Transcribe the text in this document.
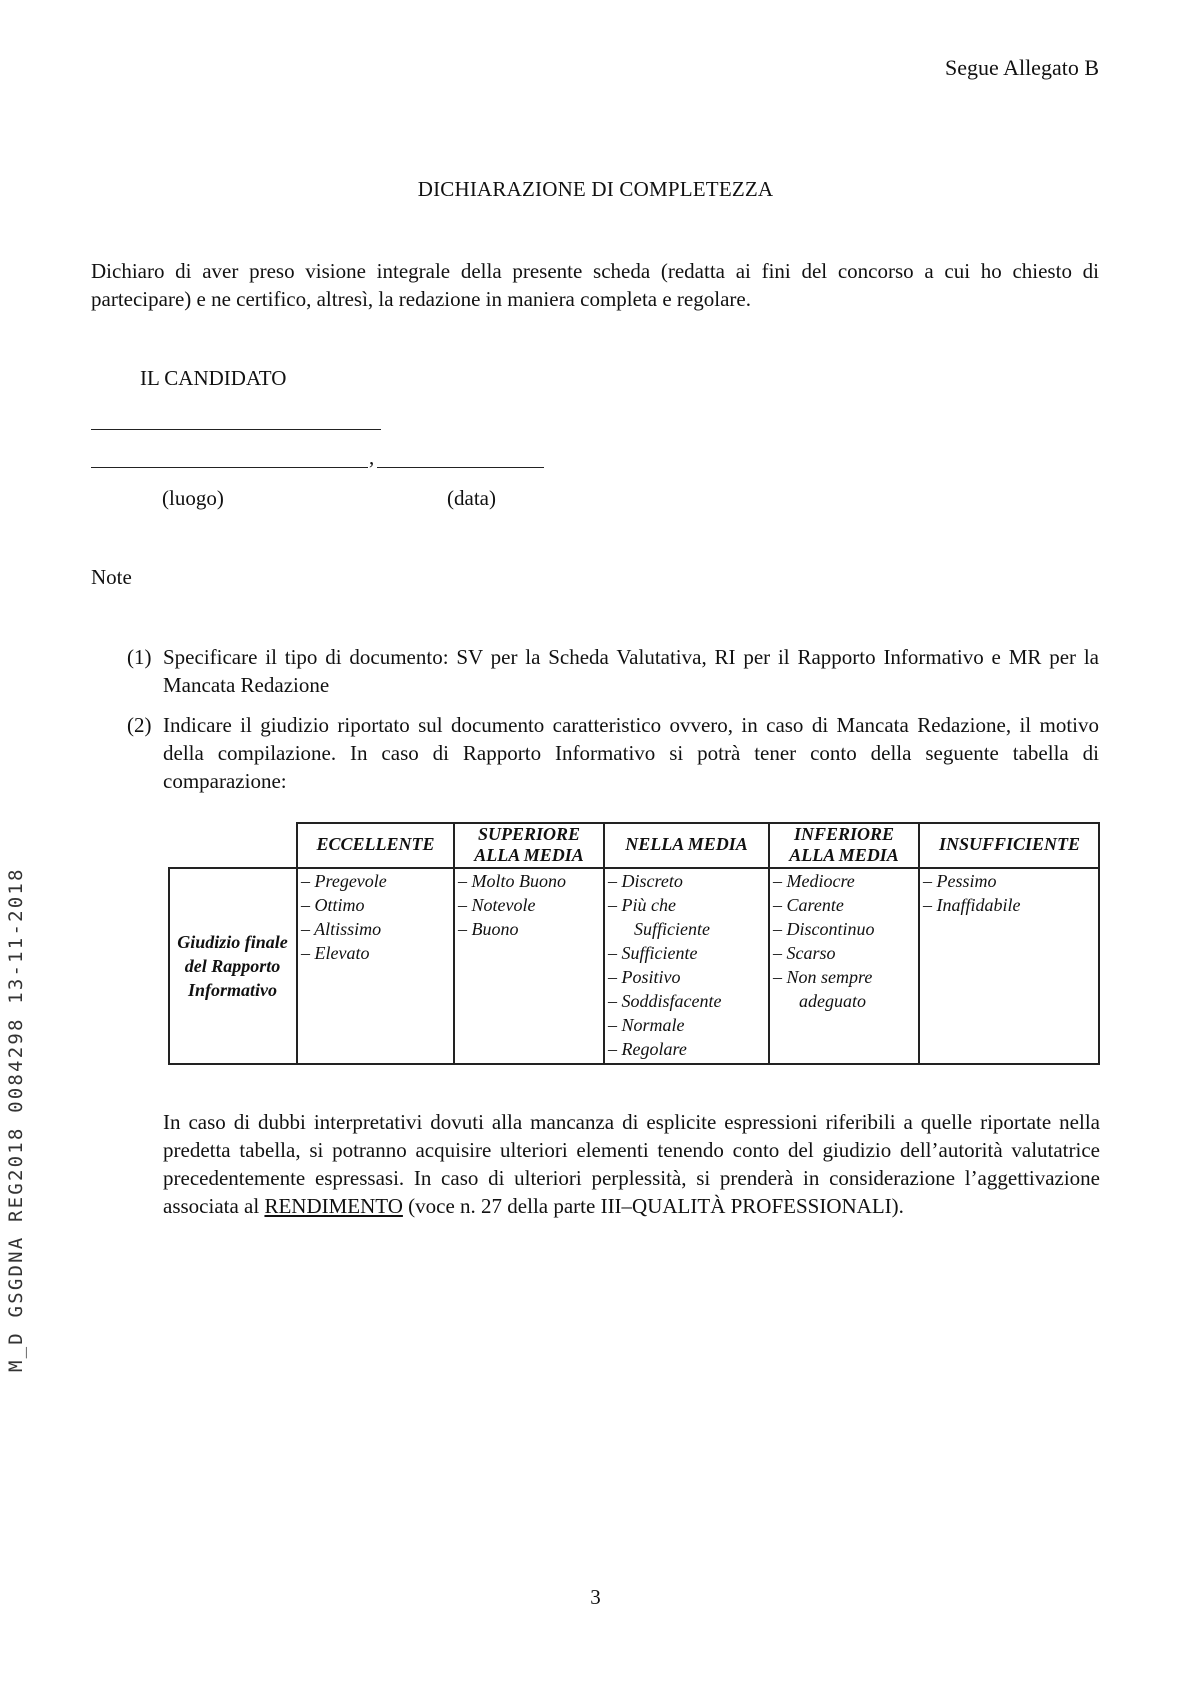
Segue Allegato B
DICHIARAZIONE DI COMPLETEZZA
Dichiaro di aver preso visione integrale della presente scheda (redatta ai fini del concorso a cui ho chiesto di partecipare) e ne certifico, altresì, la redazione in maniera completa e regolare.
IL CANDIDATO
,
(luogo)	(data)
Note
(1) Specificare il tipo di documento: SV per la Scheda Valutativa, RI per il Rapporto Informativo e MR per la Mancata Redazione
(2) Indicare il giudizio riportato sul documento caratteristico ovvero, in caso di Mancata Redazione, il motivo della compilazione. In caso di Rapporto Informativo si potrà tener conto della seguente tabella di comparazione:
ECCELLENTE
SUPERIORE
ALLA MEDIA
NELLA MEDIA
INFERIORE
ALLA MEDIA
INSUFFICIENTE
Giudizio finale
del Rapporto
Informativo
– Pregevole
– Ottimo
– Altissimo
– Elevato
– Molto Buono
– Notevole
– Buono
– Discreto
– Più che
Sufficiente
– Sufficiente
– Positivo
– Soddisfacente
– Normale
– Regolare
– Mediocre
– Carente
– Discontinuo
– Scarso
– Non sempre
adeguato
– Pessimo
– Inaffidabile
In caso di dubbi interpretativi dovuti alla mancanza di esplicite espressioni riferibili a quelle riportate nella predetta tabella, si potranno acquisire ulteriori elementi tenendo conto del giudizio dell’autorità valutatrice precedentemente espressasi. In caso di ulteriori perplessità, si prenderà in considerazione l’aggettivazione associata al RENDIMENTO (voce n. 27 della parte III–QUALITÀ PROFESSIONALI).
3
M_D GSGDNA REG2018 0084298 13-11-2018
